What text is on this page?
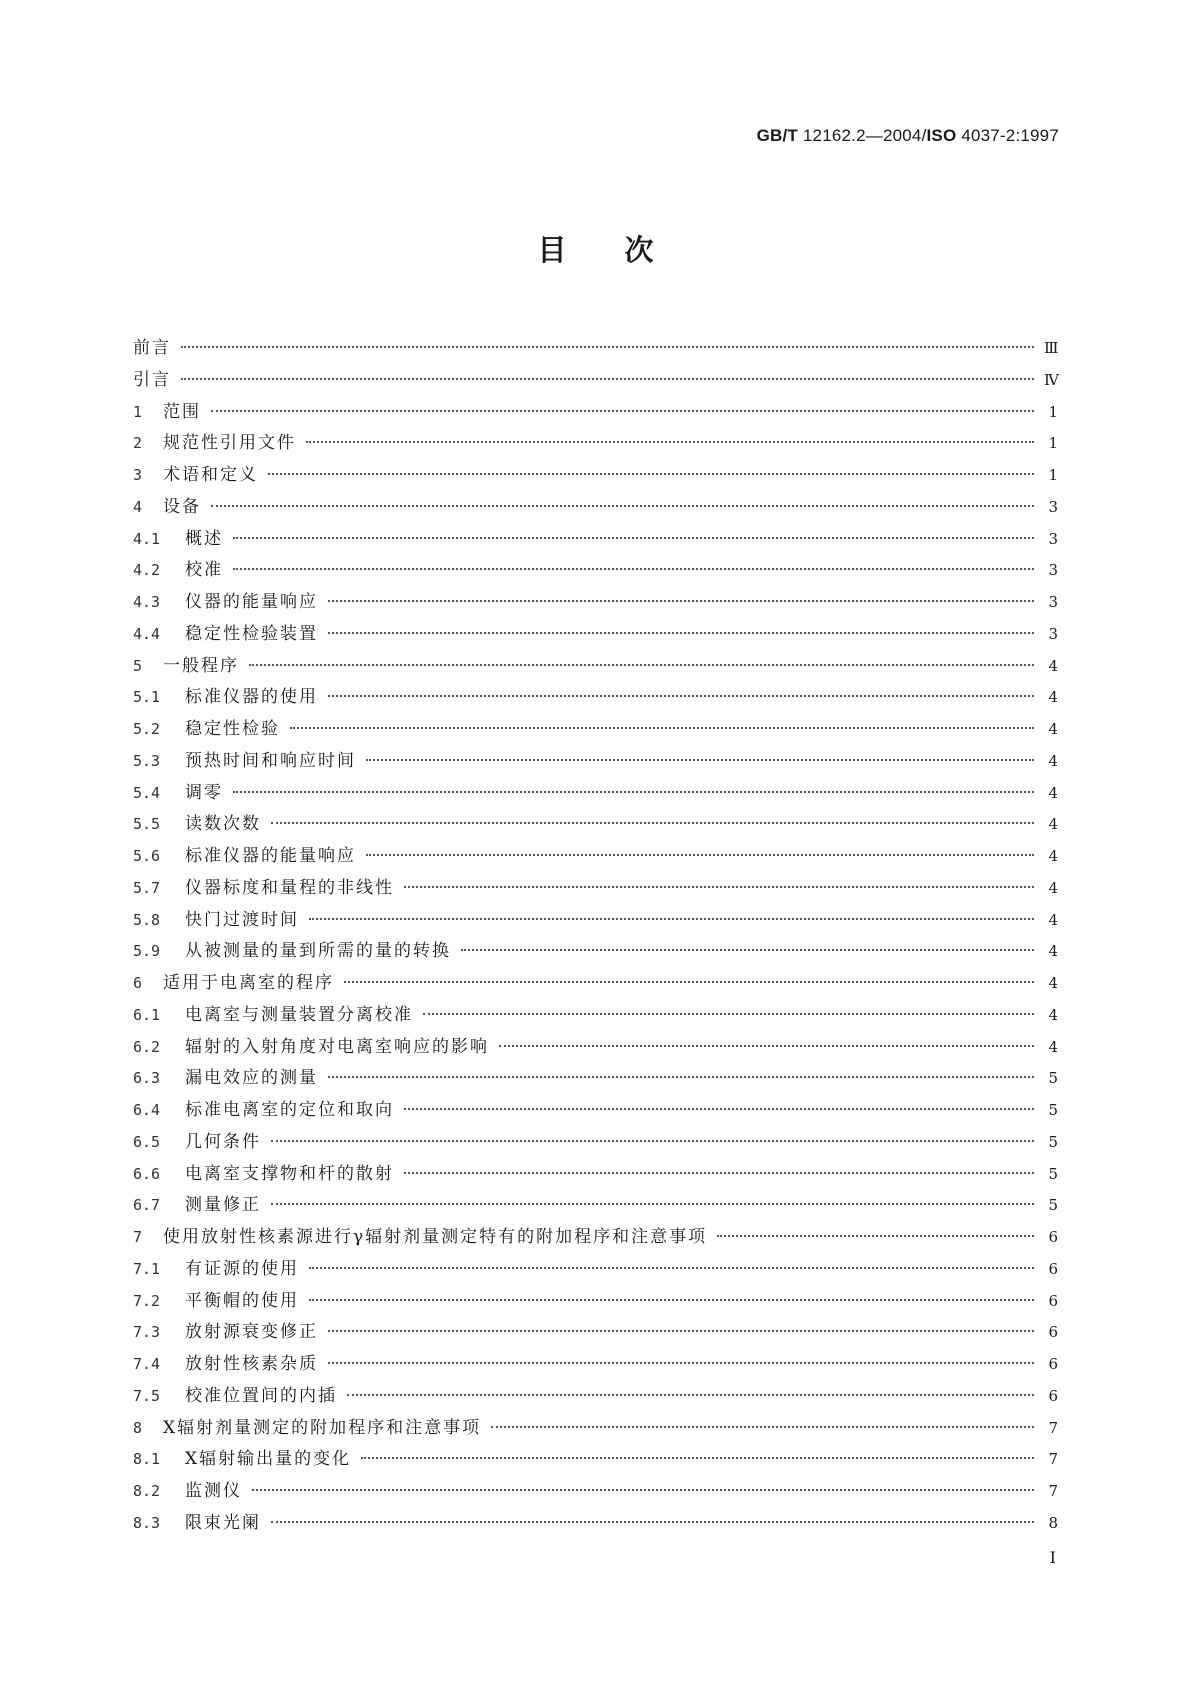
GB/T 12162.2—2004/ISO 4037-2:1997
目次
前言	Ⅲ
引言	Ⅳ
1	范围	1
2	规范性引用文件	1
3	术语和定义	1
4	设备	3
4.1	概述	3
4.2	校准	3
4.3	仪器的能量响应	3
4.4	稳定性检验装置	3
5	一般程序	4
5.1	标准仪器的使用	4
5.2	稳定性检验	4
5.3	预热时间和响应时间	4
5.4	调零	4
5.5	读数次数	4
5.6	标准仪器的能量响应	4
5.7	仪器标度和量程的非线性	4
5.8	快门过渡时间	4
5.9	从被测量的量到所需的量的转换	4
6	适用于电离室的程序	4
6.1	电离室与测量装置分离校准	4
6.2	辐射的入射角度对电离室响应的影响	4
6.3	漏电效应的测量	5
6.4	标准电离室的定位和取向	5
6.5	几何条件	5
6.6	电离室支撑物和杆的散射	5
6.7	测量修正	5
7	使用放射性核素源进行γ辐射剂量测定特有的附加程序和注意事项	6
7.1	有证源的使用	6
7.2	平衡帽的使用	6
7.3	放射源衰变修正	6
7.4	放射性核素杂质	6
7.5	校准位置间的内插	6
8	X辐射剂量测定的附加程序和注意事项	7
8.1	X辐射输出量的变化	7
8.2	监测仪	7
8.3	限束光阑	8
I
